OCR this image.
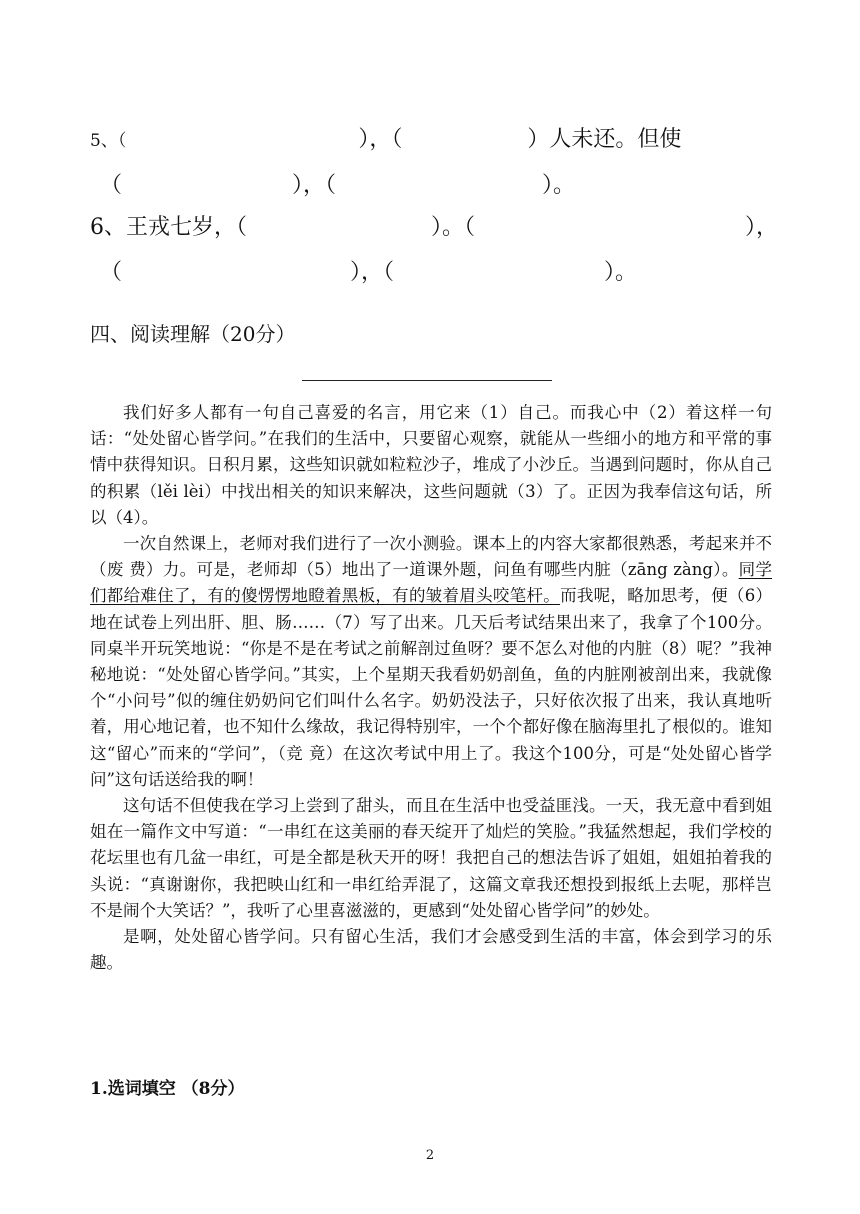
5、（	），（	）人未还。但使
（	），（	）。
6、王戎七岁，（	）。（	），
（	），（	）。
四、阅读理解（20分）

我们好多人都有一句自己喜爱的名言，用它来（1）自己。而我心中（2）着这样一句话：“处处留心皆学问。”在我们的生活中，只要留心观察，就能从一些细小的地方和平常的事情中获得知识。日积月累，这些知识就如粒粒沙子，堆成了小沙丘。当遇到问题时，你从自己的积累（lěi lèi）中找出相关的知识来解决，这些问题就（3）了。正因为我奉信这句话，所以（4）。

一次自然课上，老师对我们进行了一次小测验。课本上的内容大家都很熟悉，考起来并不（废 费）力。可是，老师却（5）地出了一道课外题，问鱼有哪些内脏（zāng zàng）。同学们都给难住了，有的傻愣愣地瞪着黑板，有的皱着眉头咬笔杆。而我呢，略加思考，便（6）地在试卷上列出肝、胆、肠……（7）写了出来。几天后考试结果出来了，我拿了个100分。同桌半开玩笑地说：“你是不是在考试之前解剖过鱼呀？要不怎么对他的内脏（8）呢？”我神秘地说：“处处留心皆学问。”其实，上个星期天我看奶奶剖鱼，鱼的内脏刚被剖出来，我就像个“小问号”似的缠住奶奶问它们叫什么名字。奶奶没法子，只好依次报了出来，我认真地听着，用心地记着，也不知什么缘故，我记得特别牢，一个个都好像在脑海里扎了根似的。谁知这“留心”而来的“学问”，（竞 竟）在这次考试中用上了。我这个100分，可是“处处留心皆学问”这句话送给我的啊！

这句话不但使我在学习上尝到了甜头，而且在生活中也受益匪浅。一天，我无意中看到姐姐在一篇作文中写道：“一串红在这美丽的春天绽开了灿烂的笑脸。”我猛然想起，我们学校的花坛里也有几盆一串红，可是全都是秋天开的呀！我把自己的想法告诉了姐姐，姐姐拍着我的头说：“真谢谢你，我把映山红和一串红给弄混了，这篇文章我还想投到报纸上去呢，那样岂不是闹个大笑话？”，我听了心里喜滋滋的，更感到“处处留心皆学问”的妙处。

是啊，处处留心皆学问。只有留心生活，我们才会感受到生活的丰富，体会到学习的乐趣。

1.选词填空 （8分）
2
